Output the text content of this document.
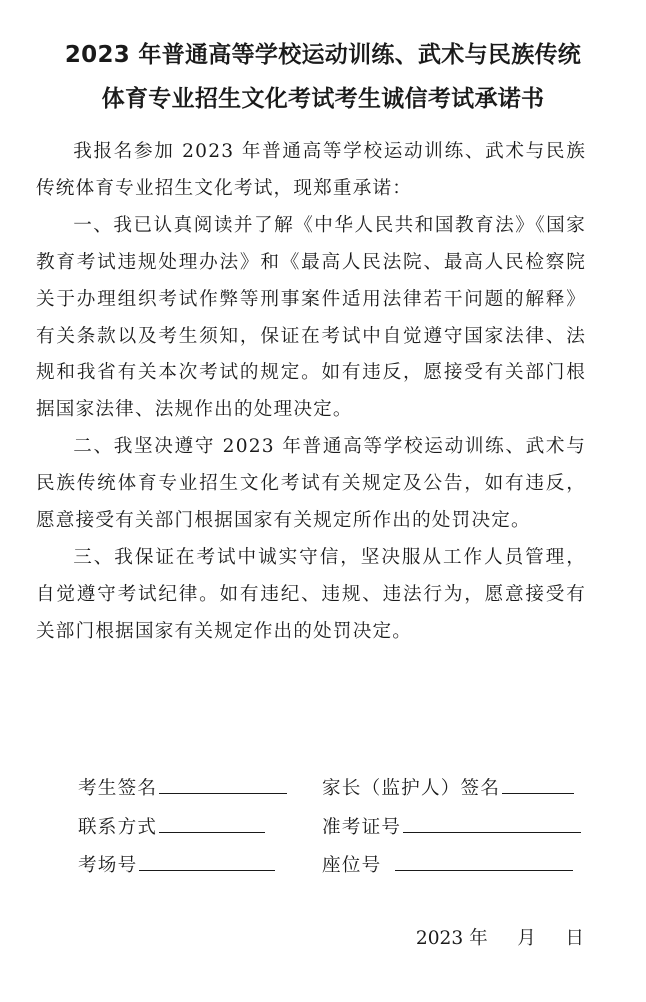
2023 年普通高等学校运动训练、武术与民族传统
体育专业招生文化考试考生诚信考试承诺书

我报名参加 2023 年普通高等学校运动训练、武术与民族传统体育专业招生文化考试，现郑重承诺：

一、我已认真阅读并了解《中华人民共和国教育法》《国家教育考试违规处理办法》和《最高人民法院、最高人民检察院关于办理组织考试作弊等刑事案件适用法律若干问题的解释》有关条款以及考生须知，保证在考试中自觉遵守国家法律、法规和我省有关本次考试的规定。如有违反，愿接受有关部门根据国家法律、法规作出的处理决定。

二、我坚决遵守 2023 年普通高等学校运动训练、武术与民族传统体育专业招生文化考试有关规定及公告，如有违反，愿意接受有关部门根据国家有关规定所作出的处罚决定。

三、我保证在考试中诚实守信，坚决服从工作人员管理，自觉遵守考试纪律。如有违纪、违规、违法行为，愿意接受有关部门根据国家有关规定作出的处罚决定。

考生签名	家长（监护人）签名
联系方式	准考证号
考场号	座位号
2023 年     月     日
